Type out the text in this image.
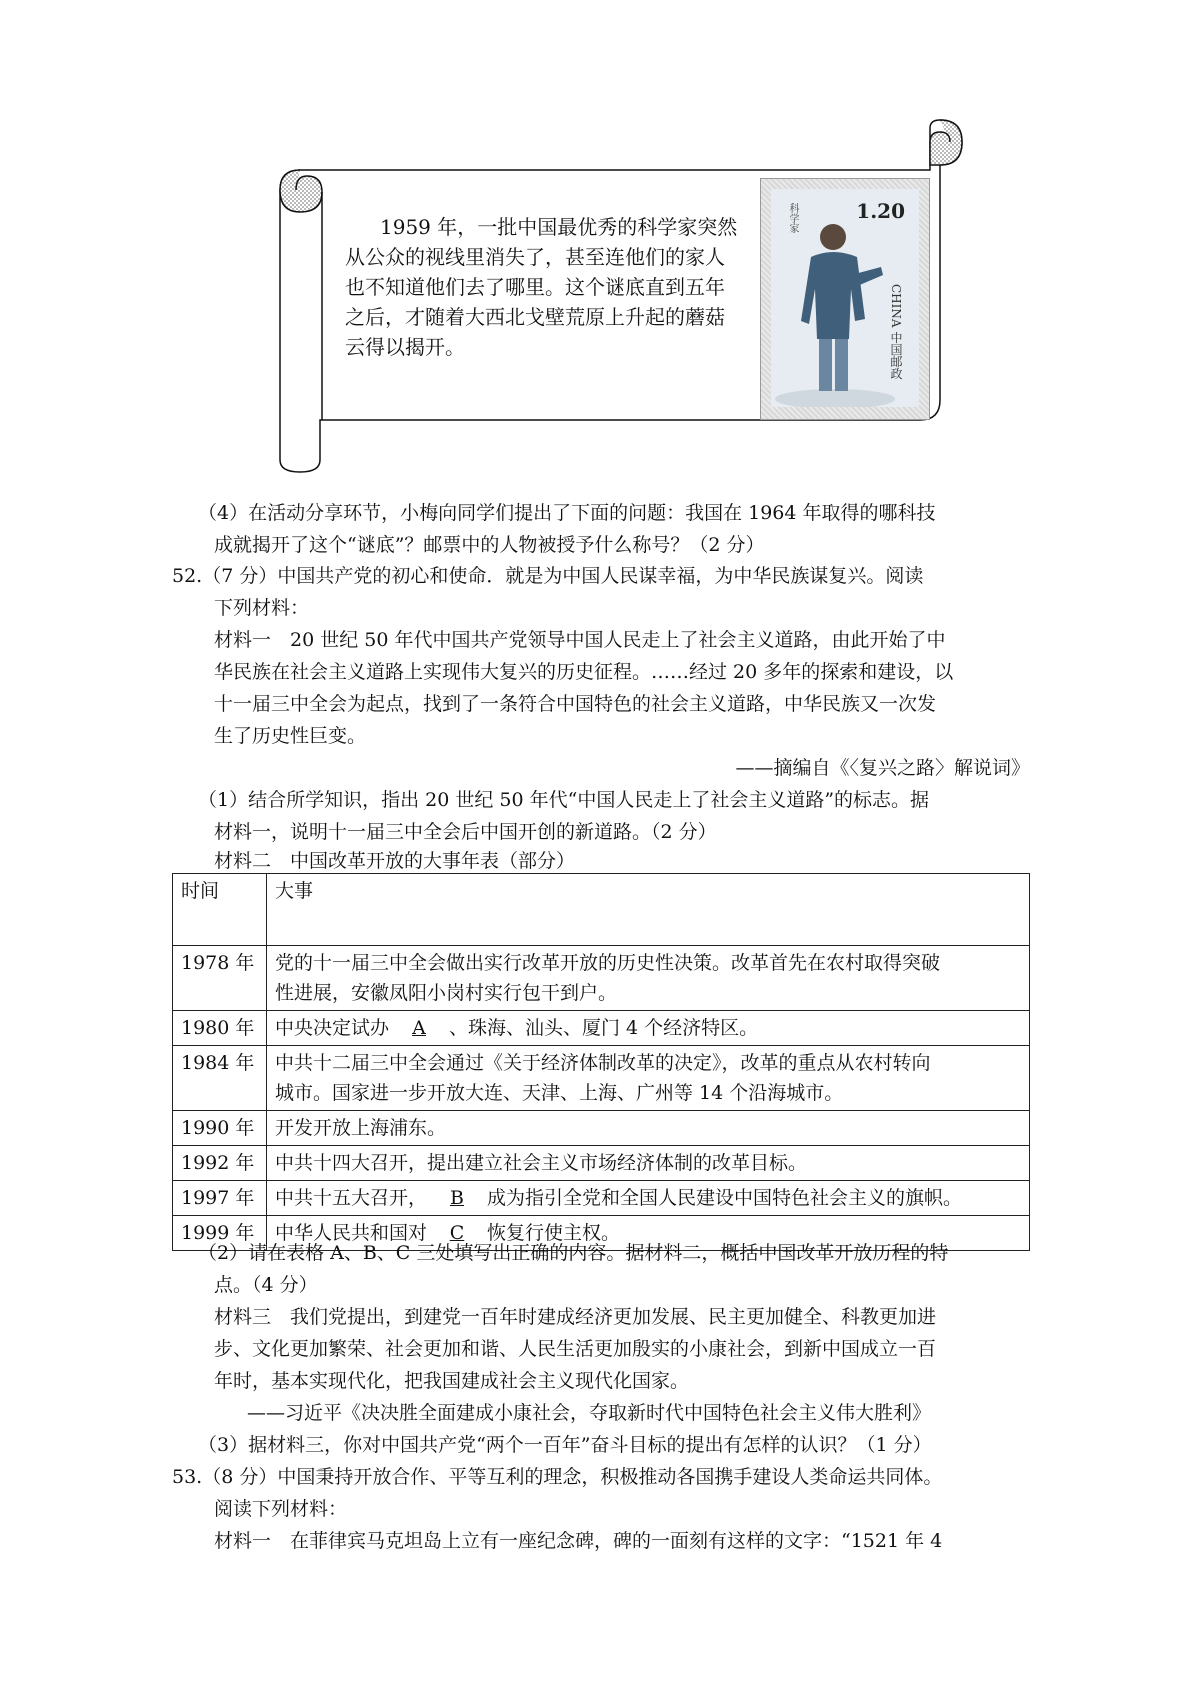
1959 年，一批中国最优秀的科学家突然
从公众的视线里消失了，甚至连他们的家人
也不知道他们去了哪里。这个谜底直到五年
之后，才随着大西北戈壁荒原上升起的蘑菇
云得以揭开。
1.20
科学家
CHINA 中国邮政
（4）在活动分享环节，小梅向同学们提出了下面的问题：我国在 1964 年取得的哪科技
成就揭开了这个“谜底”？邮票中的人物被授予什么称号？（2 分）
52.（7 分）中国共产党的初心和使命．就是为中国人民谋幸福，为中华民族谋复兴。阅读
下列材料：
材料一　20 世纪 50 年代中国共产党领导中国人民走上了社会主义道路，由此开始了中
华民族在社会主义道路上实现伟大复兴的历史征程。……经过 20 多年的探索和建设，以
十一届三中全会为起点，找到了一条符合中国特色的社会主义道路，中华民族又一次发
生了历史性巨变。
——摘编自《〈复兴之路〉解说词》
（1）结合所学知识，指出 20 世纪 50 年代“中国人民走上了社会主义道路”的标志。据
材料一，说明十一届三中全会后中国开创的新道路。（2 分）
材料二　中国改革开放的大事年表（部分）
时间	大事
1978 年	党的十一届三中全会做出实行改革开放的历史性决策。改革首先在农村取得突破
性进展，安徽凤阳小岗村实行包干到户。

1980 年	中央决定试办 A 、珠海、汕头、厦门 4 个经济特区。
1984 年	中共十二届三中全会通过《关于经济体制改革的决定》，改革的重点从农村转向
城市。国家进一步开放大连、天津、上海、广州等 14 个沿海城市。

1990 年	开发开放上海浦东。
1992 年	中共十四大召开，提出建立社会主义市场经济体制的改革目标。
1997 年	中共十五大召开， B 成为指引全党和全国人民建设中国特色社会主义的旗帜。
1999 年	中华人民共和国对 C 恢复行使主权。
（2）请在表格 A、B、C 三处填写出正确的内容。据材料二，概括中国改革开放历程的特
点。（4 分）
材料三　我们党提出，到建党一百年时建成经济更加发展、民主更加健全、科教更加进
步、文化更加繁荣、社会更加和谐、人民生活更加殷实的小康社会，到新中国成立一百
年时，基本实现代化，把我国建成社会主义现代化国家。
——习近平《决决胜全面建成小康社会，夺取新时代中国特色社会主义伟大胜利》
（3）据材料三，你对中国共产党“两个一百年”奋斗目标的提出有怎样的认识？（1 分）
53.（8 分）中国秉持开放合作、平等互利的理念，积极推动各国携手建设人类命运共同体。
阅读下列材料：
材料一　在菲律宾马克坦岛上立有一座纪念碑，碑的一面刻有这样的文字：“1521 年 4
